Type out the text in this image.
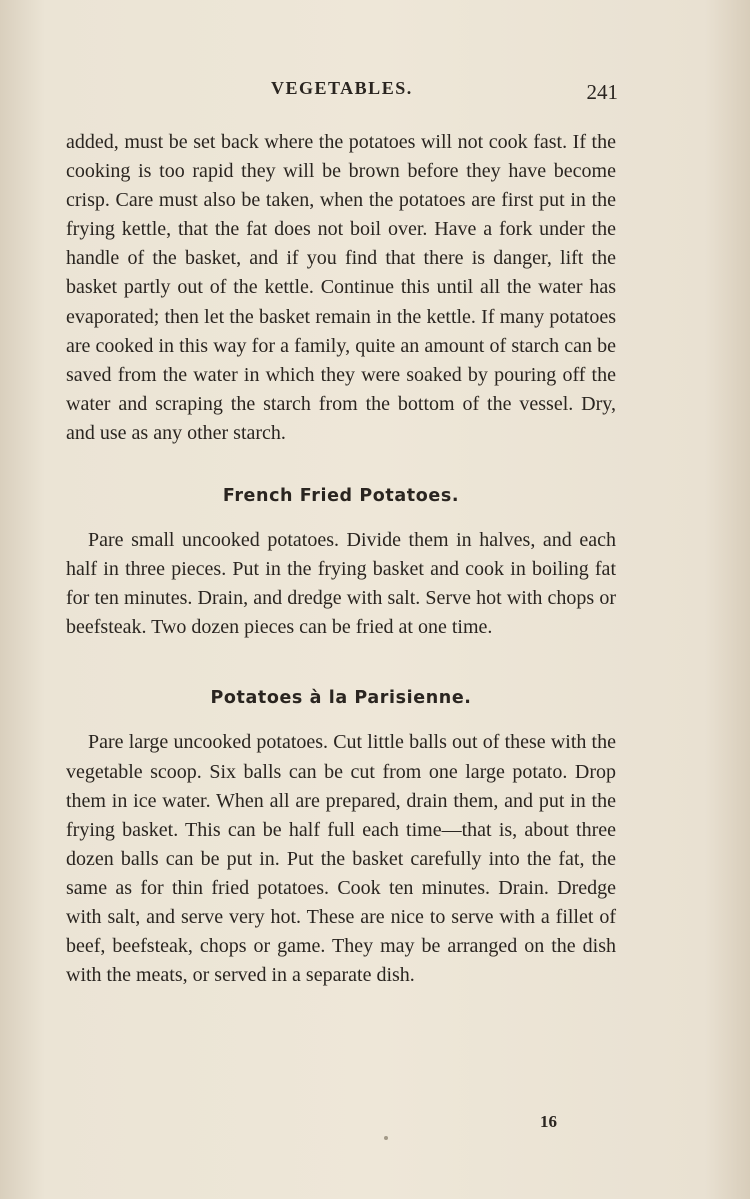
VEGETABLES.	241

added, must be set back where the potatoes will not cook fast. If the cooking is too rapid they will be brown before they have become crisp. Care must also be taken, when the potatoes are first put in the frying kettle, that the fat does not boil over. Have a fork under the handle of the basket, and if you find that there is danger, lift the basket partly out of the kettle. Continue this until all the water has evaporated; then let the basket remain in the kettle. If many potatoes are cooked in this way for a family, quite an amount of starch can be saved from the water in which they were soaked by pouring off the water and scraping the starch from the bottom of the vessel. Dry, and use as any other starch.

French Fried Potatoes.

Pare small uncooked potatoes. Divide them in halves, and each half in three pieces. Put in the frying basket and cook in boiling fat for ten minutes. Drain, and dredge with salt. Serve hot with chops or beefsteak. Two dozen pieces can be fried at one time.

Potatoes à la Parisienne.

Pare large uncooked potatoes. Cut little balls out of these with the vegetable scoop. Six balls can be cut from one large potato. Drop them in ice water. When all are prepared, drain them, and put in the frying basket. This can be half full each time—that is, about three dozen balls can be put in. Put the basket carefully into the fat, the same as for thin fried potatoes. Cook ten minutes. Drain. Dredge with salt, and serve very hot. These are nice to serve with a fillet of beef, beefsteak, chops or game. They may be arranged on the dish with the meats, or served in a separate dish.

16
